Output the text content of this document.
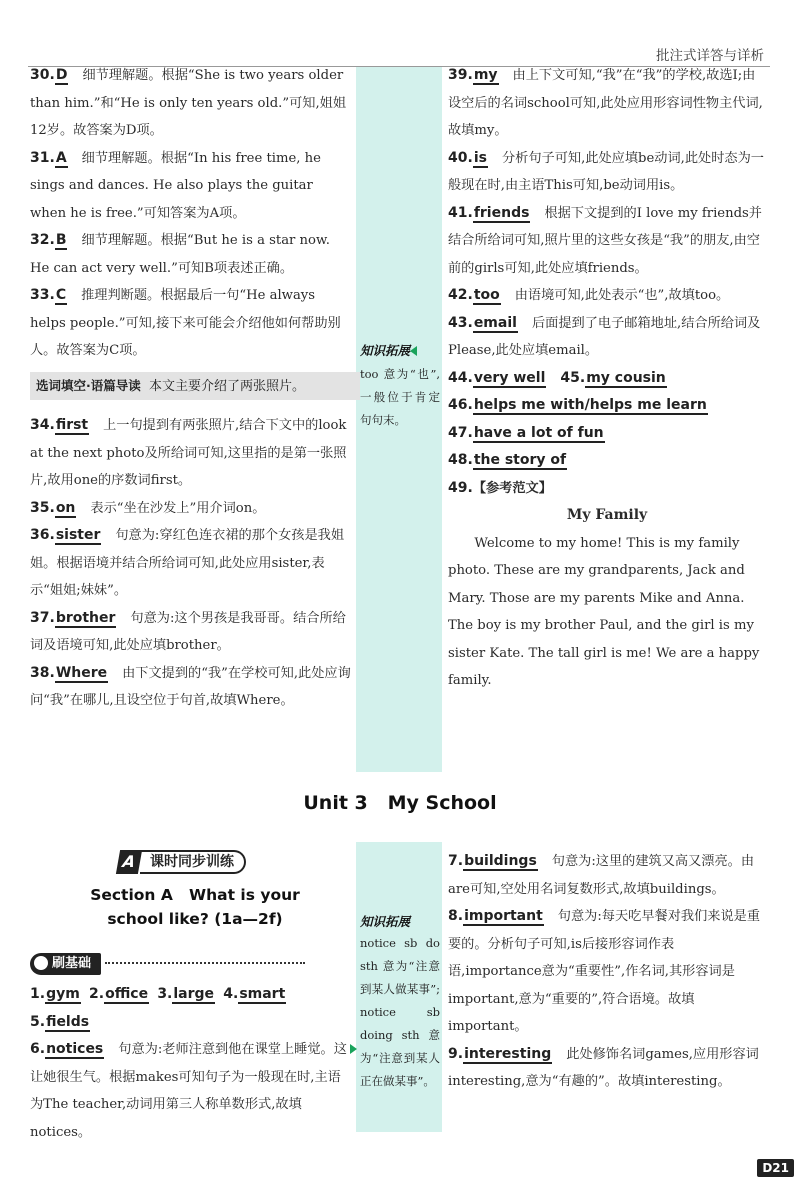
批注式详答与详析

30.D 细节理解题。根据“She is two years older than him.”和“He is only ten years old.”可知,姐姐12岁。故答案为D项。

31.A 细节理解题。根据“In his free time, he sings and dances. He also plays the guitar when he is free.”可知答案为A项。

32.B 细节理解题。根据“But he is a star now. He can act very well.”可知B项表述正确。

33.C 推理判断题。根据最后一句“He always helps people.”可知,接下来可能会介绍他如何帮助别人。故答案为C项。

选词填空·语篇导读 本文主要介绍了两张照片。

34.first 上一句提到有两张照片,结合下文中的look at the next photo及所给词可知,这里指的是第一张照片,故用one的序数词first。

35.on 表示“坐在沙发上”用介词on。

36.sister 句意为:穿红色连衣裙的那个女孩是我姐姐。根据语境并结合所给词可知,此处应用sister,表示“姐姐;妹妹”。

37.brother 句意为:这个男孩是我哥哥。结合所给词及语境可知,此处应填brother。

38.Where 由下文提到的“我”在学校可知,此处应询问“我”在哪儿,且设空位于句首,故填Where。

知识拓展
too 意为“也”,一般位于肯定句句末。

39.my 由上下文可知,“我”在“我”的学校,故选I;由设空后的名词school可知,此处应用形容词性物主代词,故填my。

40.is 分析句子可知,此处应填be动词,此处时态为一般现在时,由主语This可知,be动词用is。

41.friends 根据下文提到的I love my friends并结合所给词可知,照片里的这些女孩是“我”的朋友,由空前的girls可知,此处应填friends。

42.too 由语境可知,此处表示“也”,故填too。

43.email 后面提到了电子邮箱地址,结合所给词及Please,此处应填email。

44.very well 45.my cousin

46.helps me with/helps me learn

47.have a lot of fun

48.the story of

49.【参考范文】

My Family

Welcome to my home! This is my family photo. These are my grandparents, Jack and Mary. Those are my parents Mike and Anna. The boy is my brother Paul, and the girl is my sister Kate. The tall girl is me! We are a happy family.

Unit 3   My School
A 课时同步训练
Section A   What is your
school like? (1a—2f)
刷基础

1.gym 2.office 3.large 4.smart

5.fields

6.notices 句意为:老师注意到他在课堂上睡觉。这让她很生气。根据makes可知句子为一般现在时,主语为The teacher,动词用第三人称单数形式,故填notices。

知识拓展
notice sb do sth 意为“注意到某人做某事”; notice sb doing sth 意为“注意到某人正在做某事”。

7.buildings 句意为:这里的建筑又高又漂亮。由are可知,空处用名词复数形式,故填buildings。

8.important 句意为:每天吃早餐对我们来说是重要的。分析句子可知,is后接形容词作表语,importance意为“重要性”,作名词,其形容词是important,意为“重要的”,符合语境。故填important。

9.interesting 此处修饰名词games,应用形容词interesting,意为“有趣的”。故填interesting。

D21
